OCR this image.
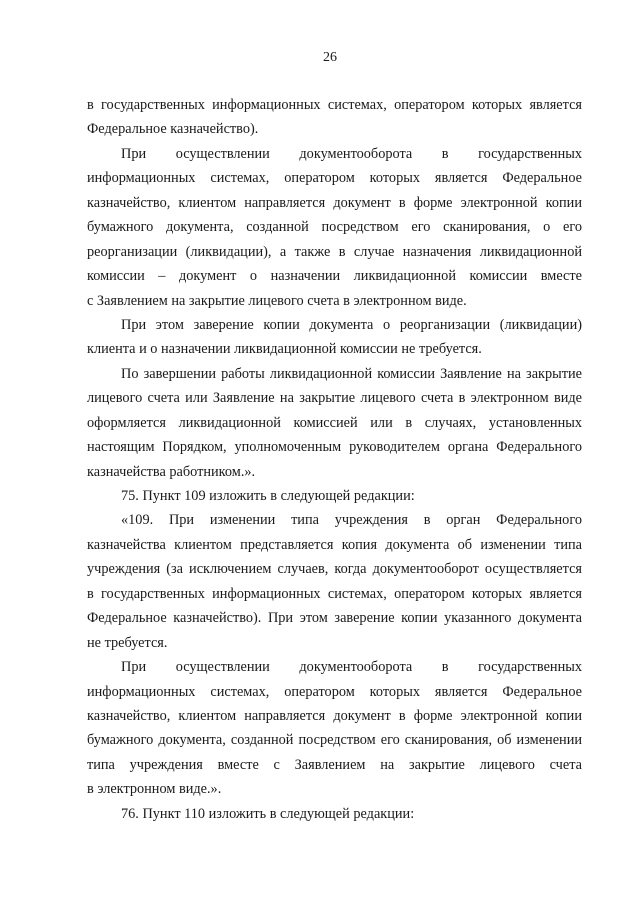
26
в государственных информационных системах, оператором которых является
Федеральное казначейство).
При осуществлении документооборота в государственных
информационных системах, оператором которых является Федеральное
казначейство, клиентом направляется документ в форме электронной копии
бумажного документа, созданной посредством его сканирования, о его
реорганизации (ликвидации), а также в случае назначения ликвидационной
комиссии – документ о назначении ликвидационной комиссии вместе
с Заявлением на закрытие лицевого счета в электронном виде.
При этом заверение копии документа о реорганизации (ликвидации)
клиента и о назначении ликвидационной комиссии не требуется.
По завершении работы ликвидационной комиссии Заявление на закрытие
лицевого счета или Заявление на закрытие лицевого счета в электронном виде
оформляется ликвидационной комиссией или в случаях, установленных
настоящим Порядком, уполномоченным руководителем органа Федерального
казначейства работником.».
75. Пункт 109 изложить в следующей редакции:
«109. При изменении типа учреждения в орган Федерального
казначейства клиентом представляется копия документа об изменении типа
учреждения (за исключением случаев, когда документооборот осуществляется
в государственных информационных системах, оператором которых является
Федеральное казначейство). При этом заверение копии указанного документа
не требуется.
При осуществлении документооборота в государственных
информационных системах, оператором которых является Федеральное
казначейство, клиентом направляется документ в форме электронной копии
бумажного документа, созданной посредством его сканирования, об изменении
типа учреждения вместе с Заявлением на закрытие лицевого счета
в электронном виде.».
76. Пункт 110 изложить в следующей редакции:
